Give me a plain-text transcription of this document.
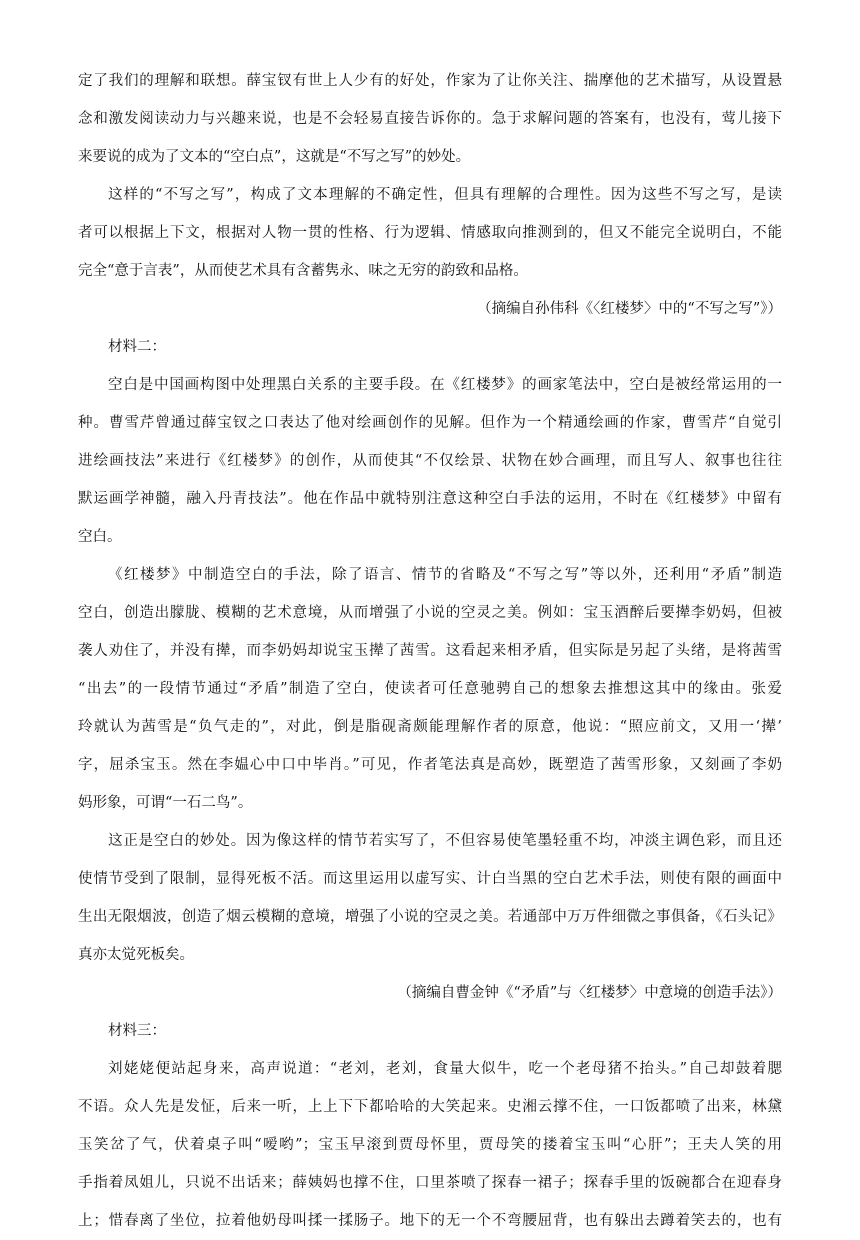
定了我们的理解和联想。薛宝钗有世上人少有的好处，作家为了让你关注、揣摩他的艺术描写，从设置悬
念和激发阅读动力与兴趣来说，也是不会轻易直接告诉你的。急于求解问题的答案有，也没有，莺儿接下
来要说的成为了文本的“空白点”，这就是“不写之写”的妙处。
这样的“不写之写”，构成了文本理解的不确定性，但具有理解的合理性。因为这些不写之写，是读
者可以根据上下文，根据对人物一贯的性格、行为逻辑、情感取向推测到的，但又不能完全说明白，不能
完全“意于言表”，从而使艺术具有含蓄隽永、味之无穷的韵致和品格。
（摘编自孙伟科《〈红楼梦〉中的“不写之写”》）
材料二：
空白是中国画构图中处理黑白关系的主要手段。在《红楼梦》的画家笔法中，空白是被经常运用的一
种。曹雪芹曾通过薛宝钗之口表达了他对绘画创作的见解。但作为一个精通绘画的作家，曹雪芹“自觉引
进绘画技法”来进行《红楼梦》的创作，从而使其“不仅绘景、状物在妙合画理，而且写人、叙事也往往
默运画学神髓，融入丹青技法”。他在作品中就特别注意这种空白手法的运用，不时在《红楼梦》中留有
空白。
《红楼梦》中制造空白的手法，除了语言、情节的省略及“不写之写”等以外，还利用“矛盾”制造
空白，创造出朦胧、模糊的艺术意境，从而增强了小说的空灵之美。例如：宝玉酒醉后要撵李奶妈，但被
袭人劝住了，并没有撵，而李奶妈却说宝玉撵了茜雪。这看起来相矛盾，但实际是另起了头绪，是将茜雪
“出去”的一段情节通过“矛盾”制造了空白，使读者可任意驰骋自己的想象去推想这其中的缘由。张爱
玲就认为茜雪是“负气走的”，对此，倒是脂砚斋颇能理解作者的原意，他说：“照应前文，又用一‘撵’
字，屈杀宝玉。然在李媪心中口中毕肖。”可见，作者笔法真是高妙，既塑造了茜雪形象，又刻画了李奶
妈形象，可谓“一石二鸟”。
这正是空白的妙处。因为像这样的情节若实写了，不但容易使笔墨轻重不均，冲淡主调色彩，而且还
使情节受到了限制，显得死板不活。而这里运用以虚写实、计白当黑的空白艺术手法，则使有限的画面中
生出无限烟波，创造了烟云模糊的意境，增强了小说的空灵之美。若通部中万万件细微之事俱备，《石头记》
真亦太觉死板矣。
（摘编自曹金钟《“矛盾”与〈红楼梦〉中意境的创造手法》）
材料三：
刘姥姥便站起身来，高声说道：“老刘，老刘，食量大似牛，吃一个老母猪不抬头。”自己却鼓着腮
不语。众人先是发怔，后来一听，上上下下都哈哈的大笑起来。史湘云撑不住，一口饭都喷了出来，林黛
玉笑岔了气，伏着桌子叫“嗳哟”；宝玉早滚到贾母怀里，贾母笑的搂着宝玉叫“心肝”；王夫人笑的用
手指着凤姐儿，只说不出话来；薛姨妈也撑不住，口里茶喷了探春一裙子；探春手里的饭碗都合在迎春身
上；惜春离了坐位，拉着他奶母叫揉一揉肠子。地下的无一个不弯腰屈背，也有躲出去蹲着笑去的，也有
